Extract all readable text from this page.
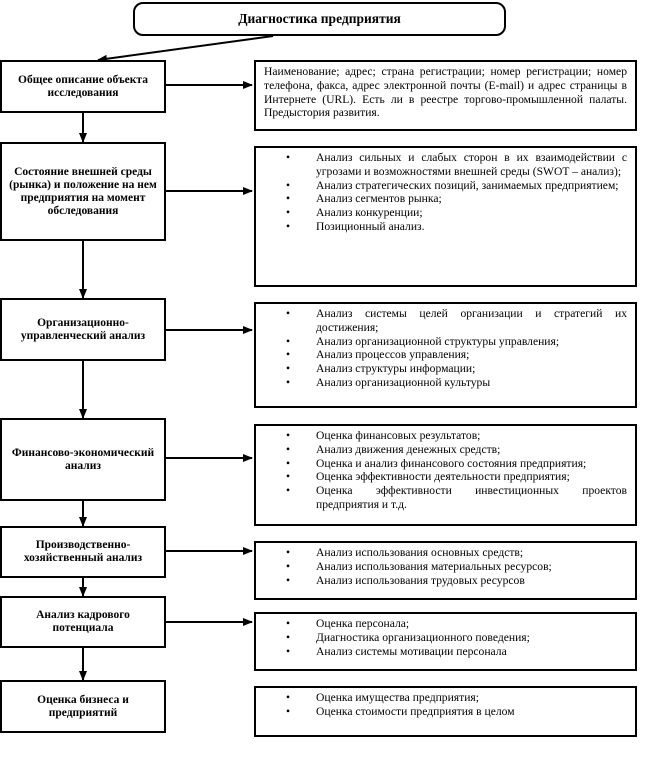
Диагностика предприятия
Общее описание объекта исследования
Наименование; адрес; страна регистрации; номер регистрации; номер телефона, факса, адрес электронной почты (E-mail) и адрес страницы в Интернете (URL). Есть ли в реестре торгово-промышленной палаты. Предыстория развития.
Состояние внешней среды (рынка) и положение на нем предприятия на момент обследования
• Анализ сильных и слабых сторон в их взаимодействии с угрозами и возможностями внешней среды (SWOT – анализ);
• Анализ стратегических позиций, занимаемых предприятием;
• Анализ сегментов рынка;
• Анализ конкуренции;
• Позиционный анализ.
Организационно-управленческий анализ
• Анализ системы целей организации и стратегий их достижения;
• Анализ организационной структуры управления;
• Анализ процессов управления;
• Анализ структуры информации;
• Анализ организационной культуры
Финансово-экономический анализ
• Оценка финансовых результатов;
• Анализ движения денежных средств;
• Оценка и анализ финансового состояния предприятия;
• Оценка эффективности деятельности предприятия;
• Оценка эффективности инвестиционных проектов предприятия и т.д.
Производственно-хозяйственный анализ	• Анализ использования основных средств;
• Анализ использования материальных ресурсов;
• Анализ использования трудовых ресурсов
Анализ кадрового потенциала	• Оценка персонала;
• Диагностика организационного поведения;
• Анализ системы мотивации персонала
Оценка бизнеса и предприятий
• Оценка имущества предприятия;
• Оценка стоимости предприятия в целом
